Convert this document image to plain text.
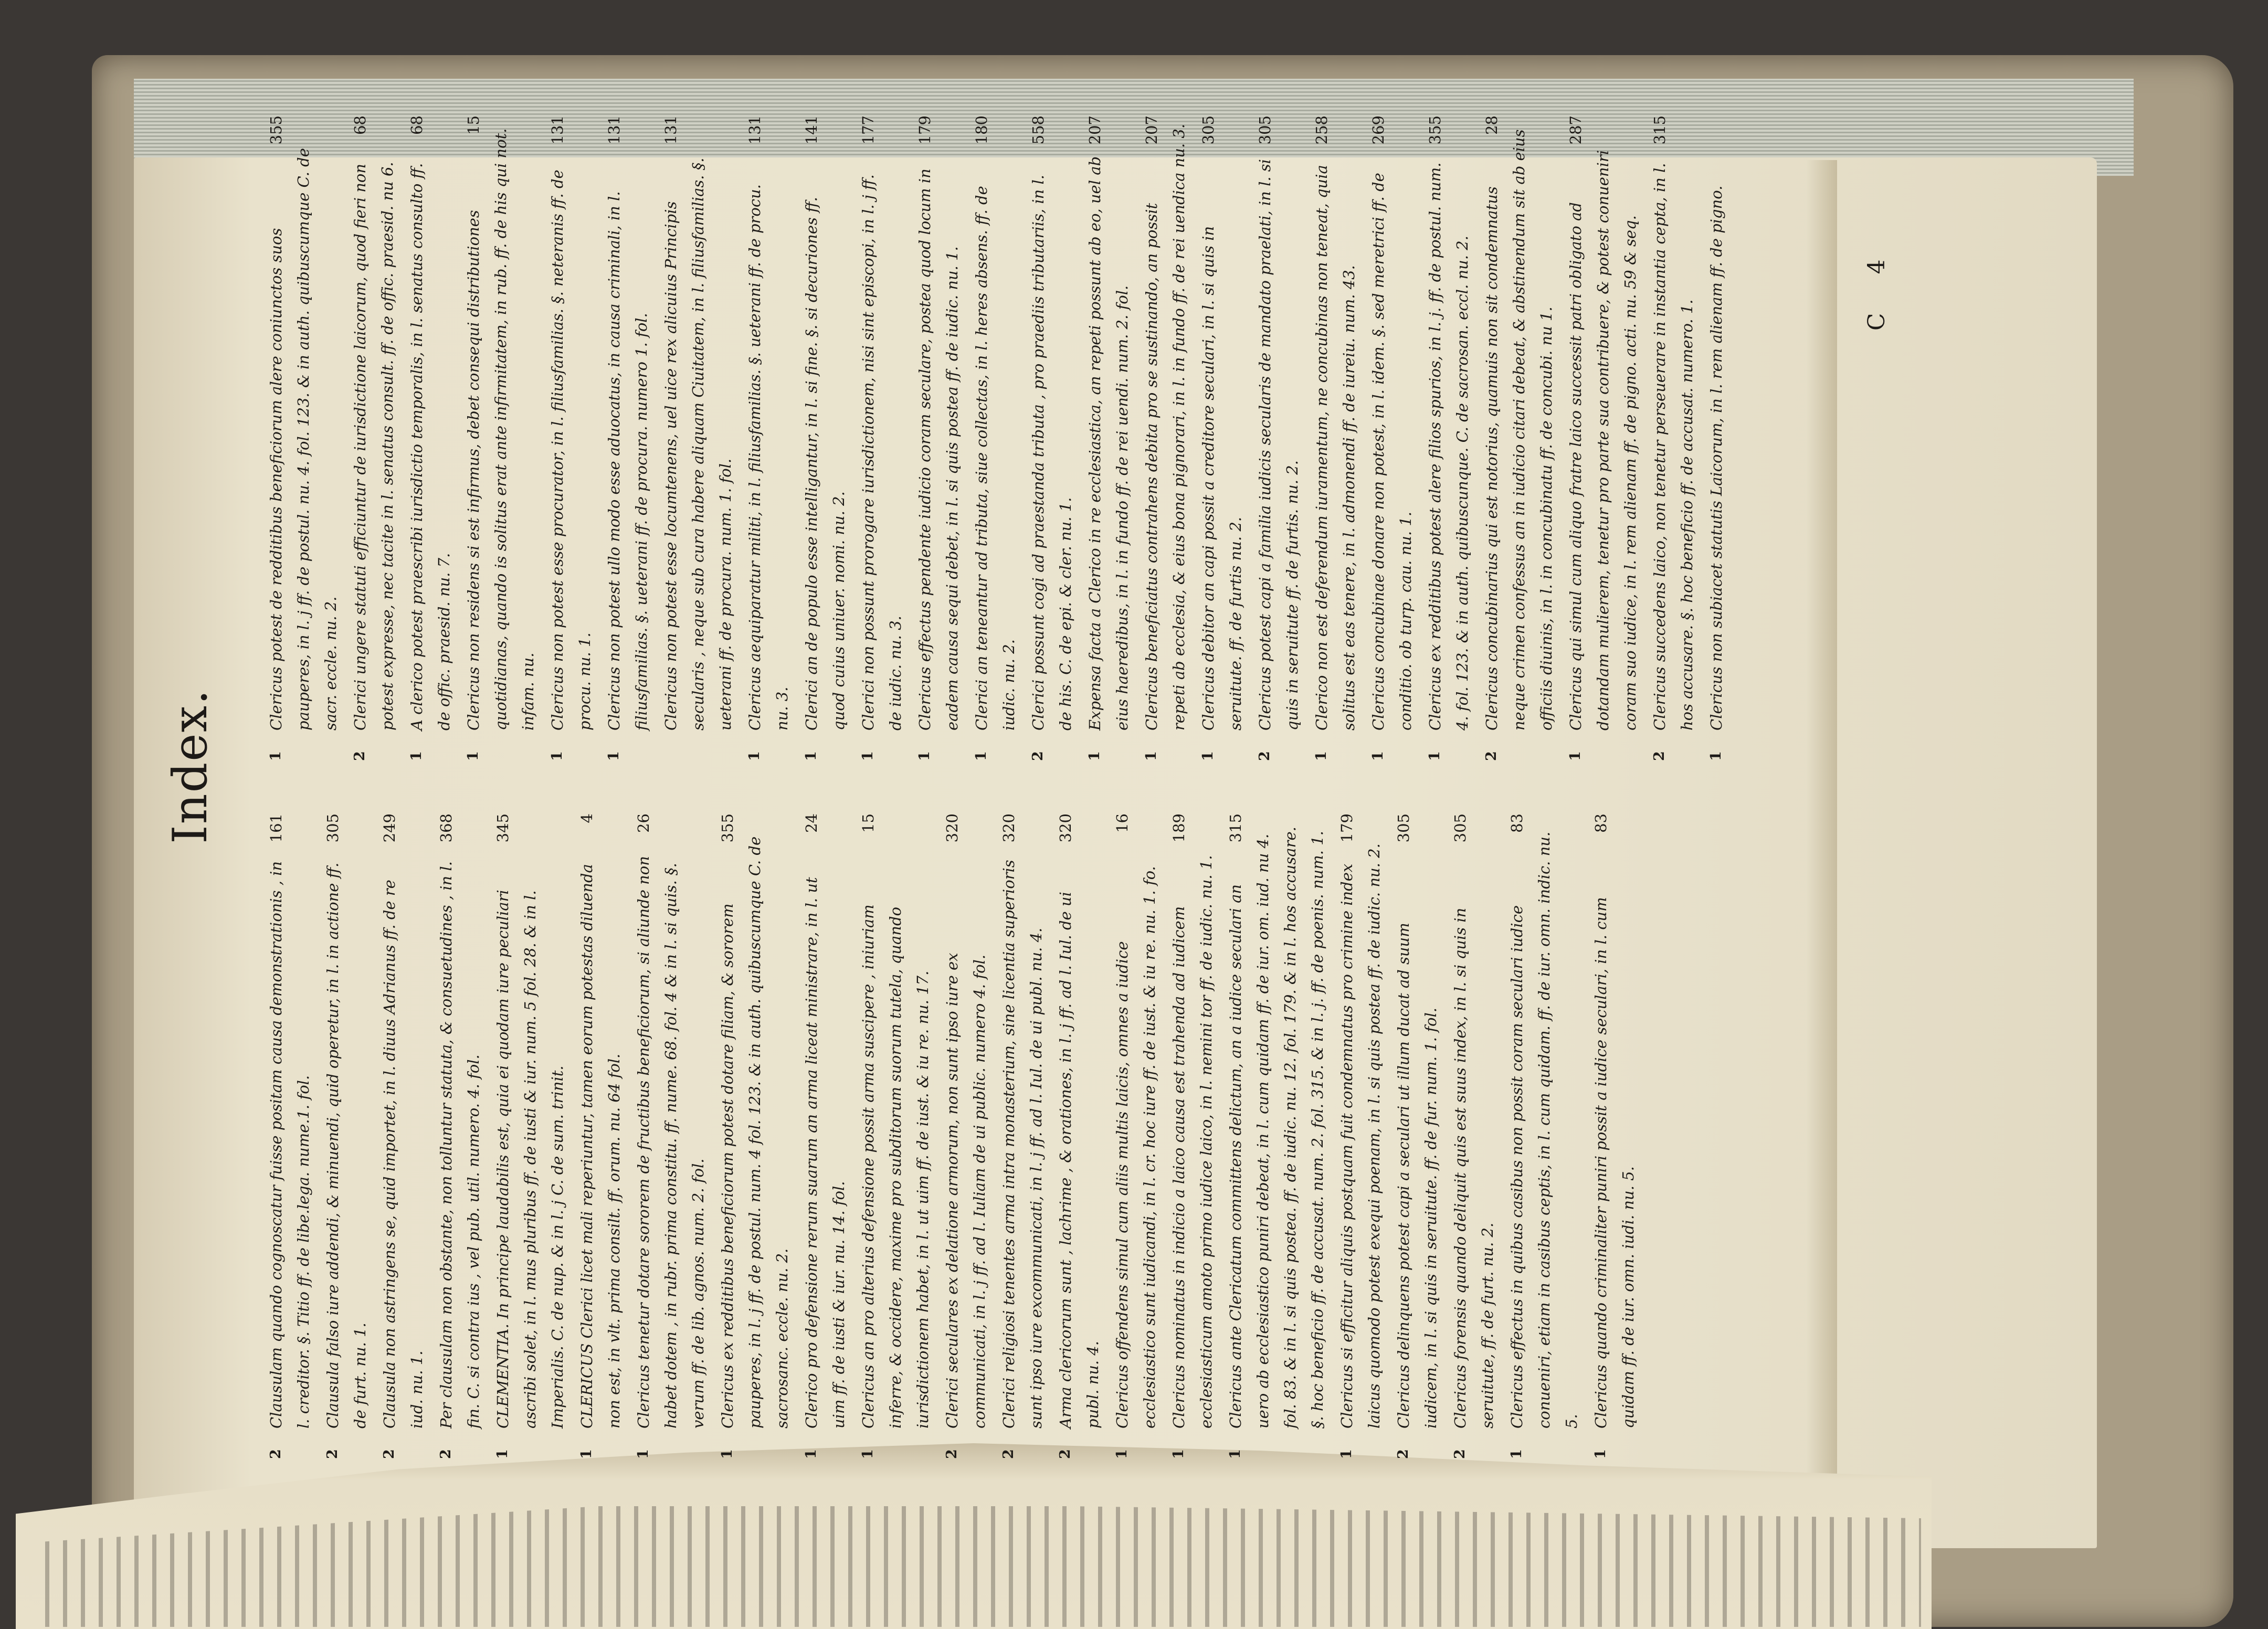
Index.
2
161
Clausulam quando cognoscatur fuisse positam causa demonstrationis , in l. creditor. §. Titio ff. de libe.lega. nume.1. fol.
2
305
Clausula falso iure addendi, & minuendi, quid operetur, in l. in actione ff. de furt. nu. 1.
2
249
Clausula non astringens se, quid importet, in l. diuus Adrianus ff. de re iud. nu. 1.
2
368
Per clausulam non obstante, non tolluntur statuta, & consuetudines , in l. fin. C. si contra ius , vel pub. util. numero. 4. fol.
1
345
CLEMENTIA. In principe laudabilis est, quia ei quodam iure peculiari ascribi solet, in l. mus pluribus ff. de iusti & iur. num. 5 fol. 28. & in l. Imperialis. C. de nup. & in l. j C. de sum. trinit.
1
4
CLERICUS Clerici licet mali reperiuntur, tamen eorum potestas diluenda non est, in vlt. prima consilt. ff. orum. nu. 64 fol.
1
26
Clericus tenetur dotare sororem de fructibus beneficiorum, si aliunde non habet dotem , in rubr. prima constitu. ff. nume. 68. fol. 4 & in l. si quis. §. verum ff. de lib. agnos. num. 2. fol.
1
355
Clericus ex redditibus beneficiorum potest dotare filiam, & sororem pauperes, in l. j ff. de postul. num. 4 fol. 123. & in auth. quibuscumque C. de sacrosanc. eccle. nu. 2.
1
24
Clerico pro defensione rerum suarum an arma liceat ministrare, in l. ut uim ff. de iusti & iur. nu. 14. fol.
1
15
Clericus an pro alterius defensione possit arma suscipere , iniuriam inferre, & occidere, maxime pro subditorum suorum tutela, quando iurisdictionem habet, in l. ut uim ff. de iust. & iu re. nu. 17.
2
320
Clerici seculares ex delatione armorum, non sunt ipso iure ex communicati, in l. j ff. ad l. Iuliam de ui public. numero 4. fol.
2
320
Clerici religiosi tenentes arma intra monasterium, sine licentia superioris sunt ipso iure excommunicati, in l. j ff. ad l. Iul. de ui publ. nu. 4.
2
320
Arma clericorum sunt , lachrime , & orationes, in l. j ff. ad l. Iul. de ui publ. nu. 4.
1
16
Clericus offendens simul cum aliis multis laicis, omnes a iudice ecclesiastico sunt iudicandi, in l. cr. hoc iure ff. de iust. & iu re. nu. 1. fo.
1
189
Clericus nominatus in indicio a laico causa est trahenda ad iudicem ecclesiasticum amoto primo iudice laico, in l. nemini tor ff. de iudic. nu. 1.
1
315
Clericus ante Clericatum committens delictum, an a iudice seculari an uero ab ecclesiastico puniri debeat, in l. cum quidam ff. de iur. om. iud. nu 4. fol. 83. & in l. si quis postea. ff. de iudic. nu. 12. fol. 179. & in l. hos accusare. §. hoc beneficio ff. de accusat. num. 2. fol. 315. & in l. j. ff. de poenis. num. 1.
1
179
Clericus si efficitur aliquis postquam fuit condemnatus pro crimine index laicus quomodo potest exequi poenam, in l. si quis postea ff. de iudic. nu. 2.
2
305
Clericus delinquens potest capi a seculari ut illum ducat ad suum iudicem, in l. si quis in seruitute. ff. de fur. num. 1. fol.
2
305
Clericus forensis quando deliquit quis est suus index, in l. si quis in seruitute, ff. de furt. nu. 2.
1
83
Clericus effectus in quibus casibus non possit coram seculari iudice conueniri, etiam in casibus ceptis, in l. cum quidam. ff. de iur. omn. indic. nu. 5.
1
83
Clericus quando criminaliter puniri possit a iudice seculari, in l. cum quidam ff. de iur. omn. iudi. nu. 5.
1
355
Clericus potest de redditibus beneficiorum alere coniunctos suos pauperes, in l. j ff. de postul. nu. 4. fol. 123. & in auth. quibuscumque C. de sacr. eccle. nu. 2.
2
68
Clerici ungere statuti efficiuntur de iurisdictione laicorum, quod fieri non potest expresse, nec tacite in l. senatus consult. ff. de offic. praesid. nu 6.
1
68
A clerico potest praescribi iurisdictio temporalis, in l. senatus consulto ff. de offic. praesid. nu. 7.
1
15
Clericus non residens si est infirmus, debet consequi distributiones quotidianas, quando is solitus erat ante infirmitatem, in rub. ff. de his qui not. infam. nu.
1
131
Clericus non potest esse procurator, in l. filiusfamilias. §. neteranis ff. de procu. nu. 1.
1
131
Clericus non potest ullo modo esse aduocatus, in causa criminali, in l. filiusfamilias. §. ueterani ff. de procura. numero 1. fol.
131
Clericus non potest esse locumtenens, uel uice rex alicuius Principis secularis , neque sub cura habere aliquam Ciuitatem, in l. filiusfamilias. §. ueterani ff. de procura. num. 1. fol.
1
131
Clericus aequiparatur militi, in l. filiusfamilias. §. ueterani ff. de procu. nu. 3.
1
141
Clerici an de populo esse intelligantur, in l. si fine. §. si decuriones ff. quod cuius uniuer. nomi. nu. 2.
1
177
Clerici non possunt prorogare iurisdictionem, nisi sint episcopi, in l. j ff. de iudic. nu. 3.
1
179
Clericus effectus pendente iudicio coram seculare, postea quod locum in eadem causa sequi debet, in l. si quis postea ff. de iudic. nu. 1.
1
180
Clerici an teneantur ad tributa, siue collectas, in l. heres absens. ff. de iudic. nu. 2.
2
558
Clerici possunt cogi ad praestanda tributa , pro praediis tributariis, in l. de his. C. de epi. & cler. nu. 1.
1
207
Expensa facta a Clerico in re ecclesiastica, an repeti possunt ab eo, uel ab eius haeredibus, in l. in fundo ff. de rei uendi. num. 2. fol.
1
207
Clericus beneficiatus contrahens debita pro se sustinando, an possit repeti ab ecclesia, & eius bona pignorari, in l. in fundo ff. de rei uendica nu. 3.
1
305
Clericus debitor an capi possit a creditore seculari, in l. si quis in seruitute. ff. de furtis nu. 2.
2
305
Clericus potest capi a familia iudicis secularis de mandato praelati, in l. si quis in seruitute ff. de furtis. nu. 2.
1
258
Clerico non est deferendum iuramentum, ne concubinas non teneat, quia solitus est eas tenere, in l. admonendi ff. de iureiu. num. 43.
1
269
Clericus concubinae donare non potest, in l. idem. §. sed meretrici ff. de conditio. ob turp. cau. nu. 1.
1
355
Clericus ex redditibus potest alere filios spurios, in l. j. ff. de postul. num. 4. fol. 123. & in auth. quibuscunque. C. de sacrosan. eccl. nu. 2.
2
28
Clericus concubinarius qui est notorius, quamuis non sit condemnatus neque crimen confessus an in iudicio citari debeat, & abstinendum sit ab eius officiis diuinis, in l. in concubinatu ff. de concubi. nu 1.
1
287
Clericus qui simul cum aliquo fratre laico successit patri obligato ad dotandam mulierem, tenetur pro parte sua contribuere, & potest conueniri coram suo iudice, in l. rem alienam ff. de pigno. acti. nu. 59 & seq.
2
315
Clericus succedens laico, non tenetur perseuerare in instantia cepta, in l. hos accusare. §. hoc beneficio ff. de accusat. numero. 1.
1
Clericus non subiacet statutis Laicorum, in l. rem alienam ff. de pigno.	C 4
